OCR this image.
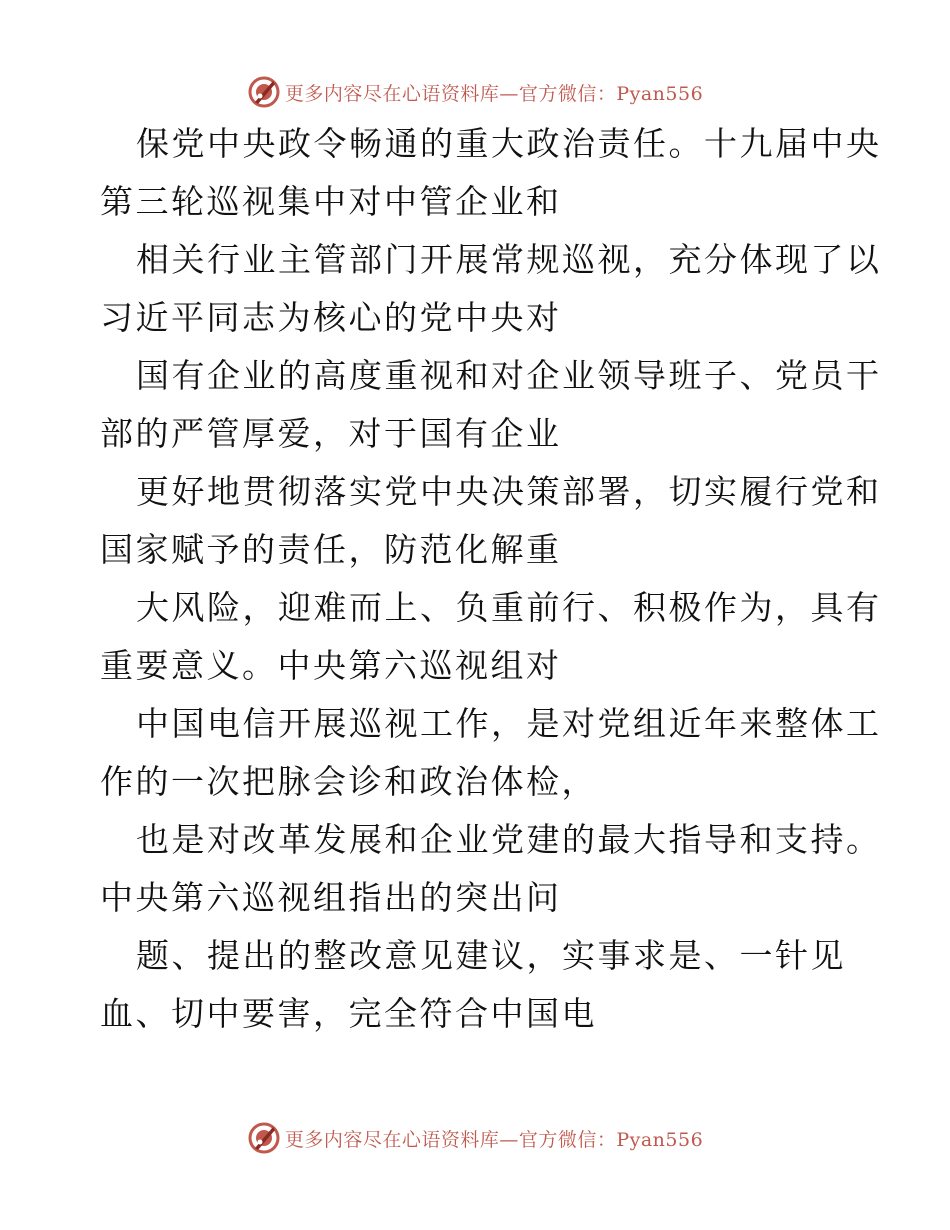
更多内容尽在心语资料库—官方微信：Pyan556

保党中央政令畅通的重大政治责任。十九届中央
第三轮巡视集中对中管企业和

相关行业主管部门开展常规巡视，充分体现了以
习近平同志为核心的党中央对

国有企业的高度重视和对企业领导班子、党员干
部的严管厚爱，对于国有企业

更好地贯彻落实党中央决策部署，切实履行党和
国家赋予的责任，防范化解重

大风险，迎难而上、负重前行、积极作为，具有
重要意义。中央第六巡视组对

中国电信开展巡视工作，是对党组近年来整体工
作的一次把脉会诊和政治体检，

也是对改革发展和企业党建的最大指导和支持。
中央第六巡视组指出的突出问

题、提出的整改意见建议，实事求是、一针见
血、切中要害，完全符合中国电

更多内容尽在心语资料库—官方微信：Pyan556
